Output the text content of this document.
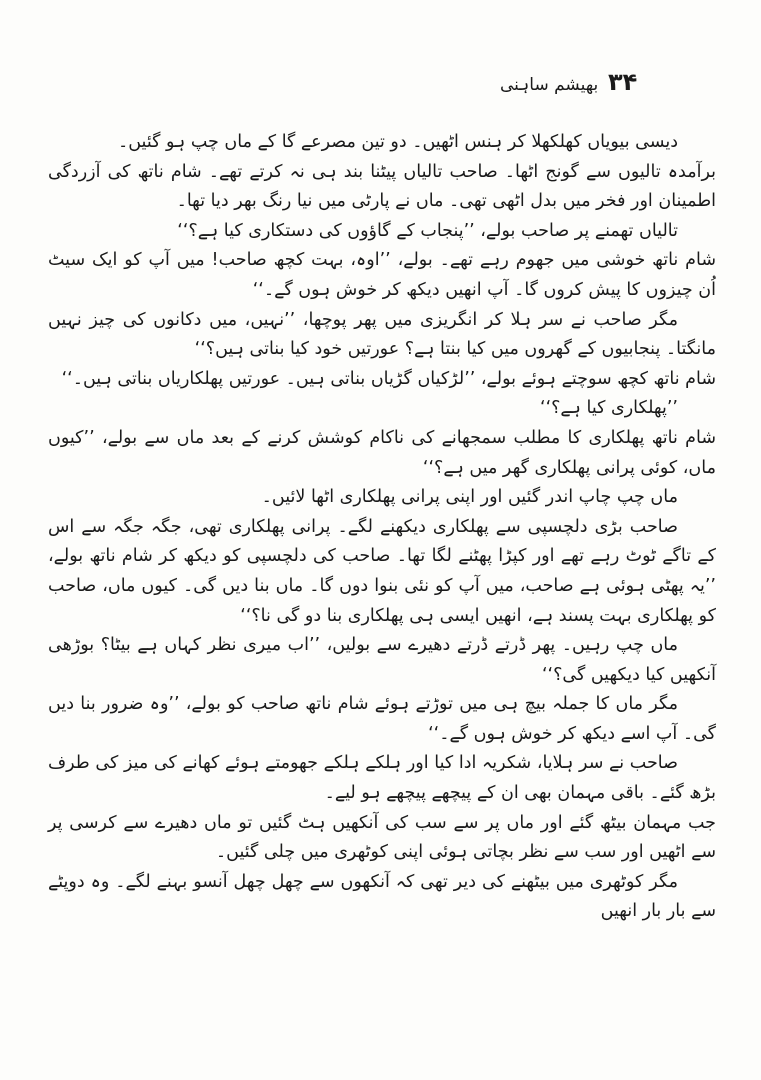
۳۴
بھیشم ساہنی

دیسی بیویاں کھلکھلا کر ہنس اٹھیں۔ دو تین مصرعے گا کے ماں چپ ہو گئیں۔

برآمدہ تالیوں سے گونج اٹھا۔ صاحب تالیاں پیٹنا بند ہی نہ کرتے تھے۔ شام ناتھ کی آزردگی اطمینان اور فخر میں بدل اٹھی تھی۔ ماں نے پارٹی میں نیا رنگ بھر دیا تھا۔

تالیاں تھمنے پر صاحب بولے، ’’پنجاب کے گاؤوں کی دستکاری کیا ہے؟‘‘

شام ناتھ خوشی میں جھوم رہے تھے۔ بولے، ’’اوہ، بہت کچھ صاحب! میں آپ کو ایک سیٹ اُن چیزوں کا پیش کروں گا۔ آپ انھیں دیکھ کر خوش ہوں گے۔‘‘

مگر صاحب نے سر ہلا کر انگریزی میں پھر پوچھا، ’’نہیں، میں دکانوں کی چیز نہیں مانگتا۔ پنجابیوں کے گھروں میں کیا بنتا ہے؟ عورتیں خود کیا بناتی ہیں؟‘‘

شام ناتھ کچھ سوچتے ہوئے بولے، ’’لڑکیاں گڑیاں بناتی ہیں۔ عورتیں پھلکاریاں بناتی ہیں۔‘‘

’’پھلکاری کیا ہے؟‘‘

شام ناتھ پھلکاری کا مطلب سمجھانے کی ناکام کوشش کرنے کے بعد ماں سے بولے، ’’کیوں ماں، کوئی پرانی پھلکاری گھر میں ہے؟‘‘

ماں چپ چاپ اندر گئیں اور اپنی پرانی پھلکاری اٹھا لائیں۔

صاحب بڑی دلچسپی سے پھلکاری دیکھنے لگے۔ پرانی پھلکاری تھی، جگہ جگہ سے اس کے تاگے ٹوٹ رہے تھے اور کپڑا پھٹنے لگا تھا۔ صاحب کی دلچسپی کو دیکھ کر شام ناتھ بولے، ’’یہ پھٹی ہوئی ہے صاحب، میں آپ کو نئی بنوا دوں گا۔ ماں بنا دیں گی۔ کیوں ماں، صاحب کو پھلکاری بہت پسند ہے، انھیں ایسی ہی پھلکاری بنا دو گی نا؟‘‘

ماں چپ رہیں۔ پھر ڈرتے ڈرتے دھیرے سے بولیں، ’’اب میری نظر کہاں ہے بیٹا؟ بوڑھی آنکھیں کیا دیکھیں گی؟‘‘

مگر ماں کا جملہ بیچ ہی میں توڑتے ہوئے شام ناتھ صاحب کو بولے، ’’وہ ضرور بنا دیں گی۔ آپ اسے دیکھ کر خوش ہوں گے۔‘‘

صاحب نے سر ہلایا، شکریہ ادا کیا اور ہلکے ہلکے جھومتے ہوئے کھانے کی میز کی طرف بڑھ گئے۔ باقی مہمان بھی ان کے پیچھے پیچھے ہو لیے۔

جب مہمان بیٹھ گئے اور ماں پر سے سب کی آنکھیں ہٹ گئیں تو ماں دھیرے سے کرسی پر سے اٹھیں اور سب سے نظر بچاتی ہوئی اپنی کوٹھری میں چلی گئیں۔

مگر کوٹھری میں بیٹھنے کی دیر تھی کہ آنکھوں سے چھل چھل آنسو بہنے لگے۔ وہ دوپٹے سے بار بار انھیں
